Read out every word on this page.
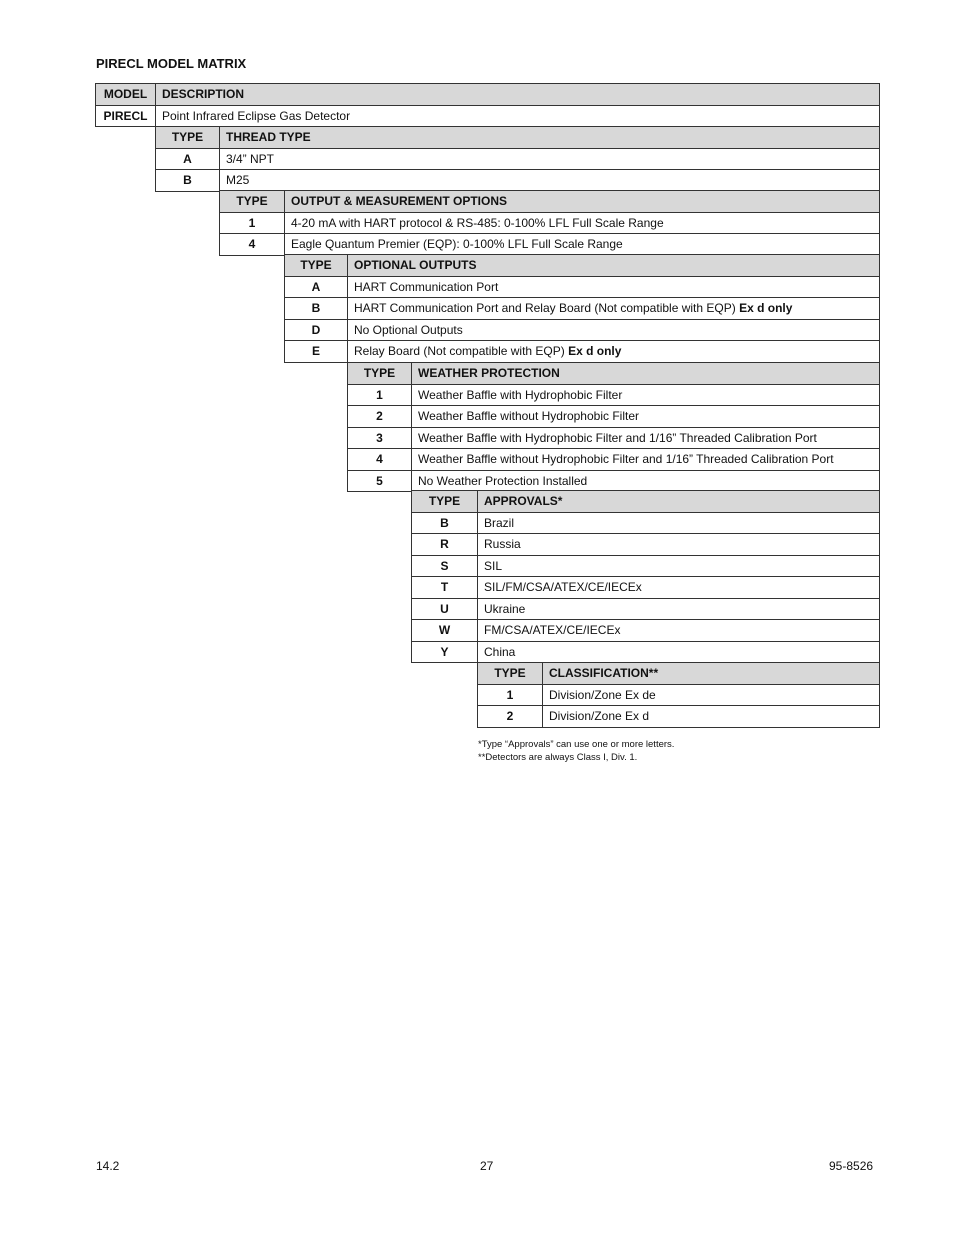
PIRECL MODEL MATRIX
MODEL	DESCRIPTION
PIRECL	Point Infrared Eclipse Gas Detector
TYPE	THREAD TYPE
A	3/4” NPT
B	M25
TYPE	OUTPUT & MEASUREMENT OPTIONS
1	4-20 mA with HART protocol & RS-485: 0-100% LFL Full Scale Range
4	Eagle Quantum Premier (EQP): 0-100% LFL Full Scale Range
TYPE	OPTIONAL OUTPUTS
A	HART Communication Port
B	HART Communication Port and Relay Board (Not compatible with EQP) Ex d only
D	No Optional Outputs
E	Relay Board (Not compatible with EQP) Ex d only
TYPE	WEATHER PROTECTION
1	Weather Baffle with Hydrophobic Filter
2	Weather Baffle without Hydrophobic Filter
3	Weather Baffle with Hydrophobic Filter and 1/16” Threaded Calibration Port
4	Weather Baffle without Hydrophobic Filter and 1/16” Threaded Calibration Port
5	No Weather Protection Installed
TYPE	APPROVALS*
B	Brazil
R	Russia
S	SIL
T	SIL/FM/CSA/ATEX/CE/IECEx
U	Ukraine
W	FM/CSA/ATEX/CE/IECEx
Y	China
TYPE	CLASSIFICATION**
1	Division/Zone Ex de
2	Division/Zone Ex d
*Type “Approvals” can use one or more letters.
**Detectors are always Class I, Div. 1.
14.2	27	95-8526
